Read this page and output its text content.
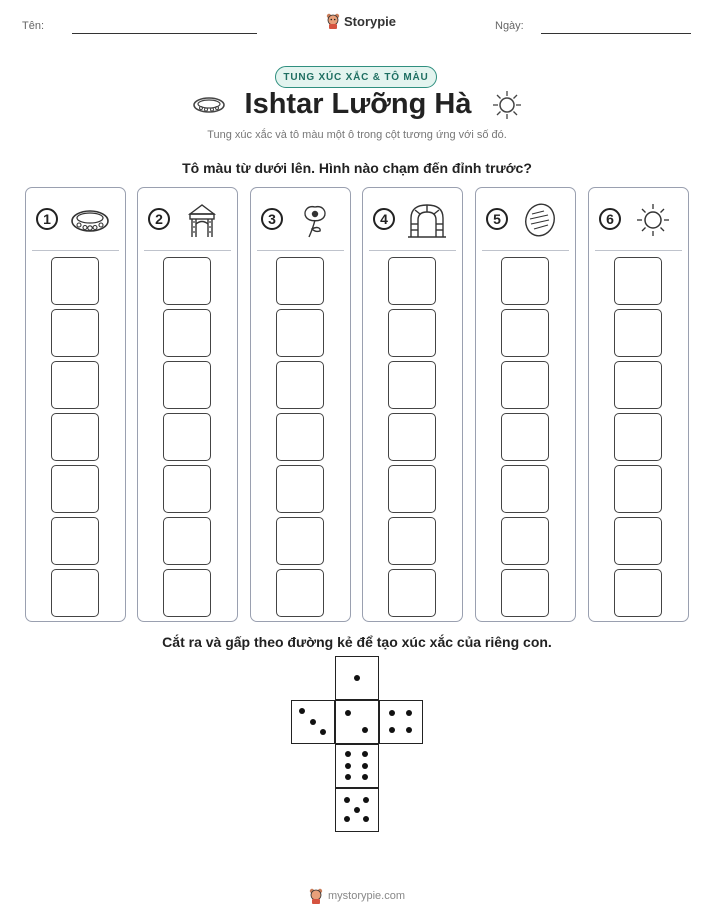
Tên:	Storypie	Ngày:
TUNG XÚC XẮC & TÔ MÀU
Ishtar Lưỡng Hà
Tung xúc xắc và tô màu một ô trong cột tương ứng với số đó.
Tô màu từ dưới lên. Hình nào chạm đến đỉnh trước?
1	2	3	4	5	6
Cắt ra và gấp theo đường kẻ để tạo xúc xắc của riêng con.
mystorypie.com
